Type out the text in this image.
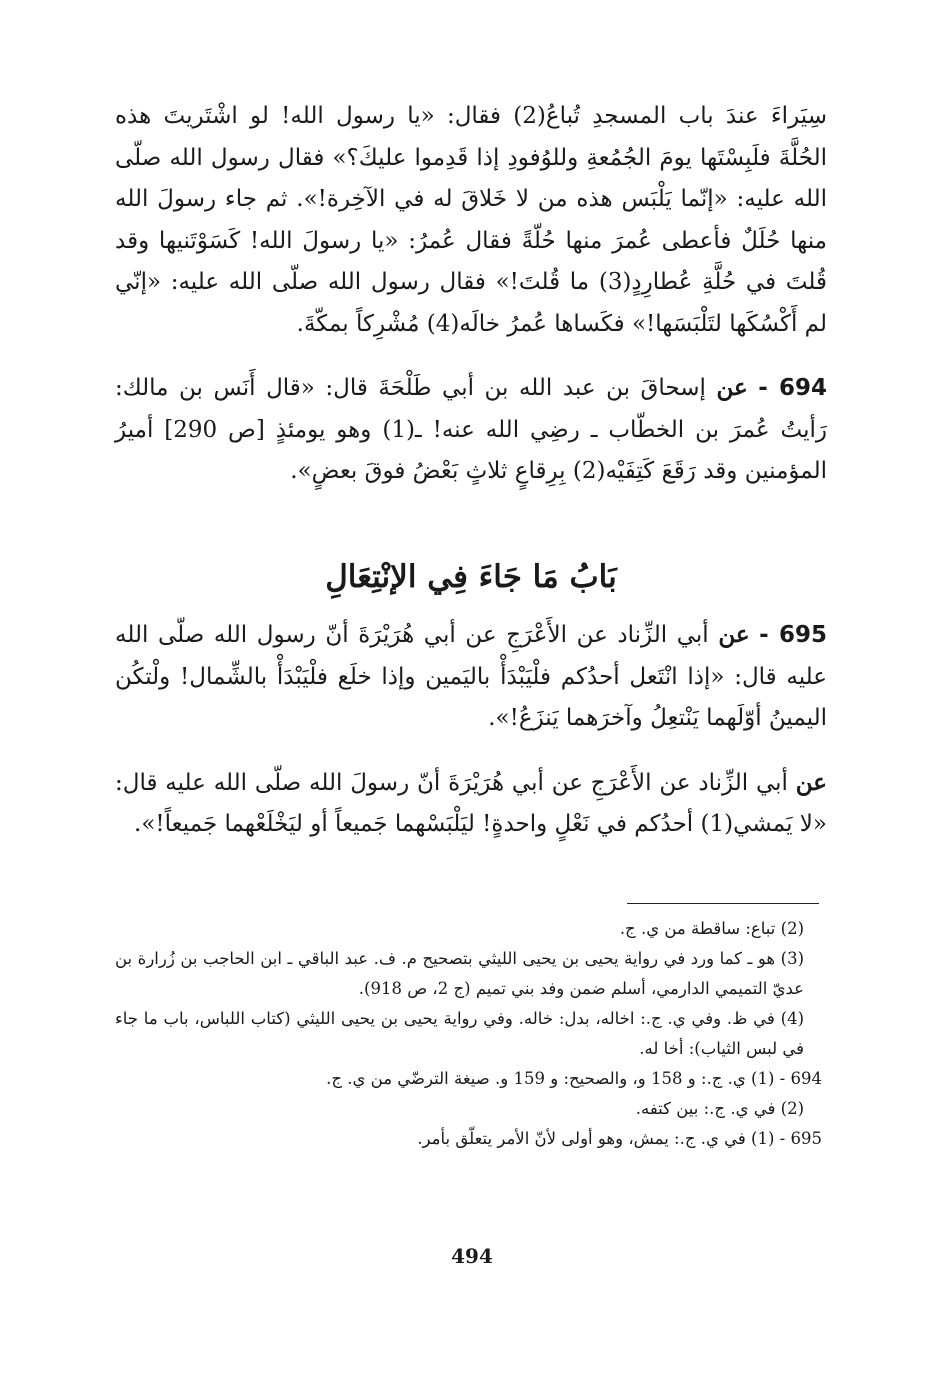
سِيَراءَ عندَ باب المسجدِ تُباعُ(2) فقال: «يا رسول الله! لو اشْتَريتَ هذه الحُلَّةَ فلَبِسْتَها يومَ الجُمُعةِ وللوُفودِ إذا قَدِموا عليكَ؟» فقال رسول الله صلّى الله عليه: «إنّما يَلْبَس هذه من لا خَلاقَ له في الآخِرة!». ثم جاء رسولَ الله منها حُلَلٌ فأعطى عُمرَ منها حُلّةً فقال عُمرُ: «يا رسولَ الله! كَسَوْتَنيها وقد قُلتَ في حُلَّةِ عُطارِدٍ(3) ما قُلتَ!» فقال رسول الله صلّى الله عليه: «إنّي لم أَكْسُكَها لتَلْبَسَها!» فكَساها عُمرُ خالَه(4) مُشْرِكاً بمكّةَ.

694 - عن إسحاقَ بن عبد الله بن أبي طَلْحَةَ قال: «قال أَنَس بن مالك: رَأيتُ عُمرَ بن الخطّاب ـ رضِي الله عنه! ـ(1) وهو يومئذٍ [ص 290] أميرُ المؤمنين وقد رَقَعَ كَتِفَيْه(2) بِرِقاعٍ ثلاثٍ بَعْضُ فوقَ بعضٍ».

بَابُ مَا جَاءَ فِي الإنْتِعَالِ

695 - عن أبي الزِّناد عن الأَعْرَجِ عن أبي هُرَيْرَةَ أنّ رسول الله صلّى الله عليه قال: «إذا انْتَعل أحدُكم فلْيَبْدَأْ باليَمين وإذا خلَع فلْيَبْدَأْ بالشِّمال! ولْتكُن اليمينُ أوّلَهما يَنْتعِلُ وآخرَهما يَنزَعُ!».

عن أبي الزِّناد عن الأَعْرَجِ عن أبي هُرَيْرَةَ أنّ رسولَ الله صلّى الله عليه قال: «لا يَمشي(1) أحدُكم في نَعْلٍ واحدةٍ! ليَلْبَسْهما جَميعاً أو ليَخْلَعْهما جَميعاً!».

(2) تباع: ساقطة من ي. ج.

(3) هو ـ كما ورد في رواية يحيى بن يحيى الليثي بتصحيح م. ف. عبد الباقي ـ ابن الحاجب بن زُرارة بن عديّ التميمي الدارمي، أسلم ضمن وفد بني تميم (ج 2، ص 918).

(4) في ظ. وفي ي. ج.: اخاله، بدل: خاله. وفي رواية يحيى بن يحيى الليثي (كتاب اللباس، باب ما جاء في لبس الثياب): أخا له.

694 - (1) ي. ج.: و 158 و، والصحيح: و 159 و. صيغة الترضّي من ي. ج.

(2) في ي. ج.: بين كتفه.

695 - (1) في ي. ج.: يمش، وهو أولى لأنّ الأمر يتعلّق بأمر.

494
